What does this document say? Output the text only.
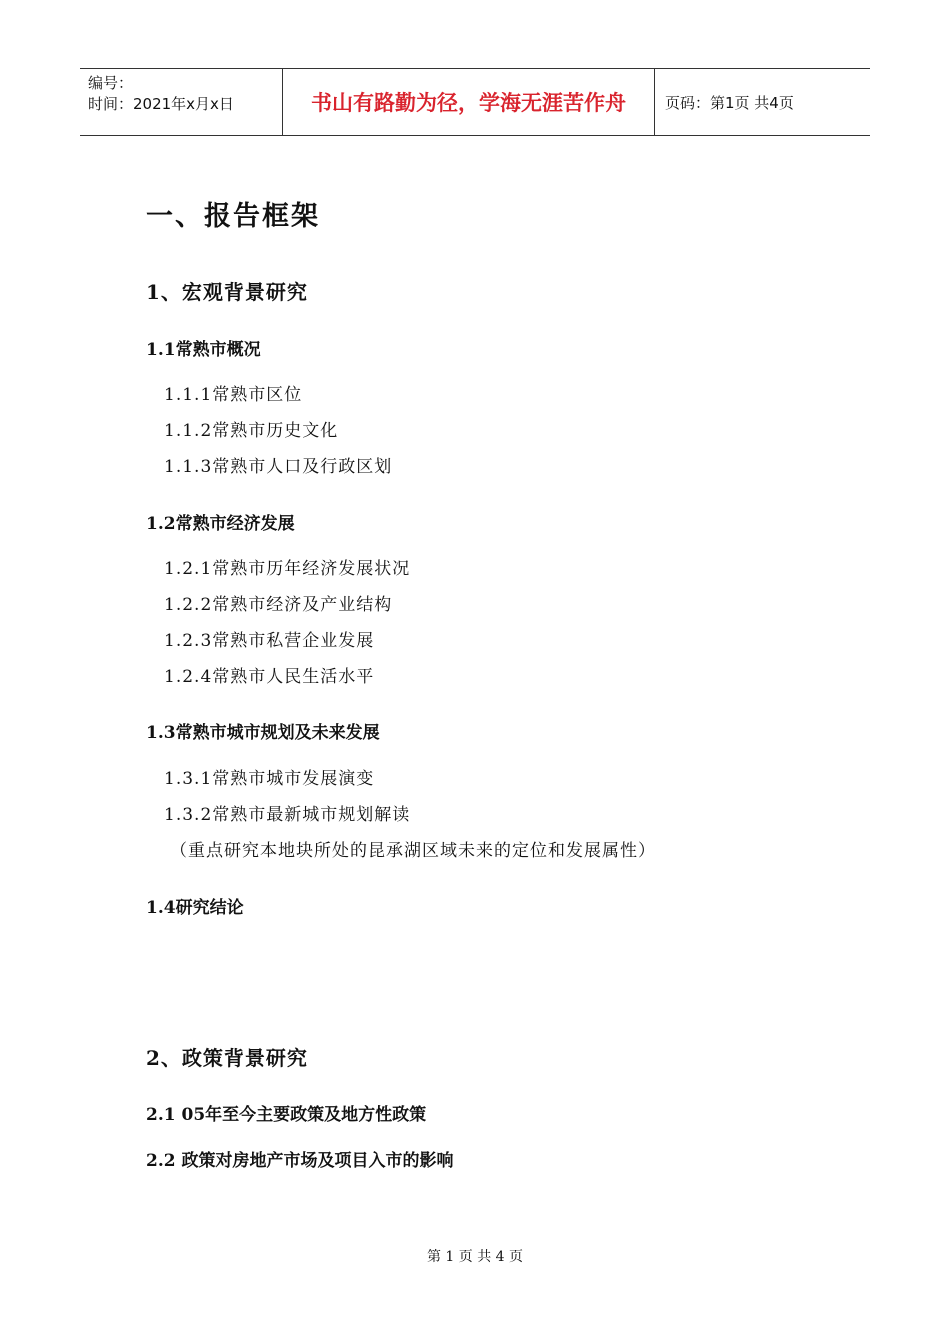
编号：
时间：2021年x月x日	书山有路勤为径，学海无涯苦作舟	页码：第1页 共4页
一、报告框架
1、宏观背景研究
1.1常熟市概况
1.1.1常熟市区位
1.1.2常熟市历史文化
1.1.3常熟市人口及行政区划
1.2常熟市经济发展
1.2.1常熟市历年经济发展状况
1.2.2常熟市经济及产业结构
1.2.3常熟市私营企业发展
1.2.4常熟市人民生活水平
1.3常熟市城市规划及未来发展
1.3.1常熟市城市发展演变
1.3.2常熟市最新城市规划解读
（重点研究本地块所处的昆承湖区域未来的定位和发展属性）
1.4研究结论
2、政策背景研究
2.1 05年至今主要政策及地方性政策
2.2 政策对房地产市场及项目入市的影响
第 1 页 共 4 页
